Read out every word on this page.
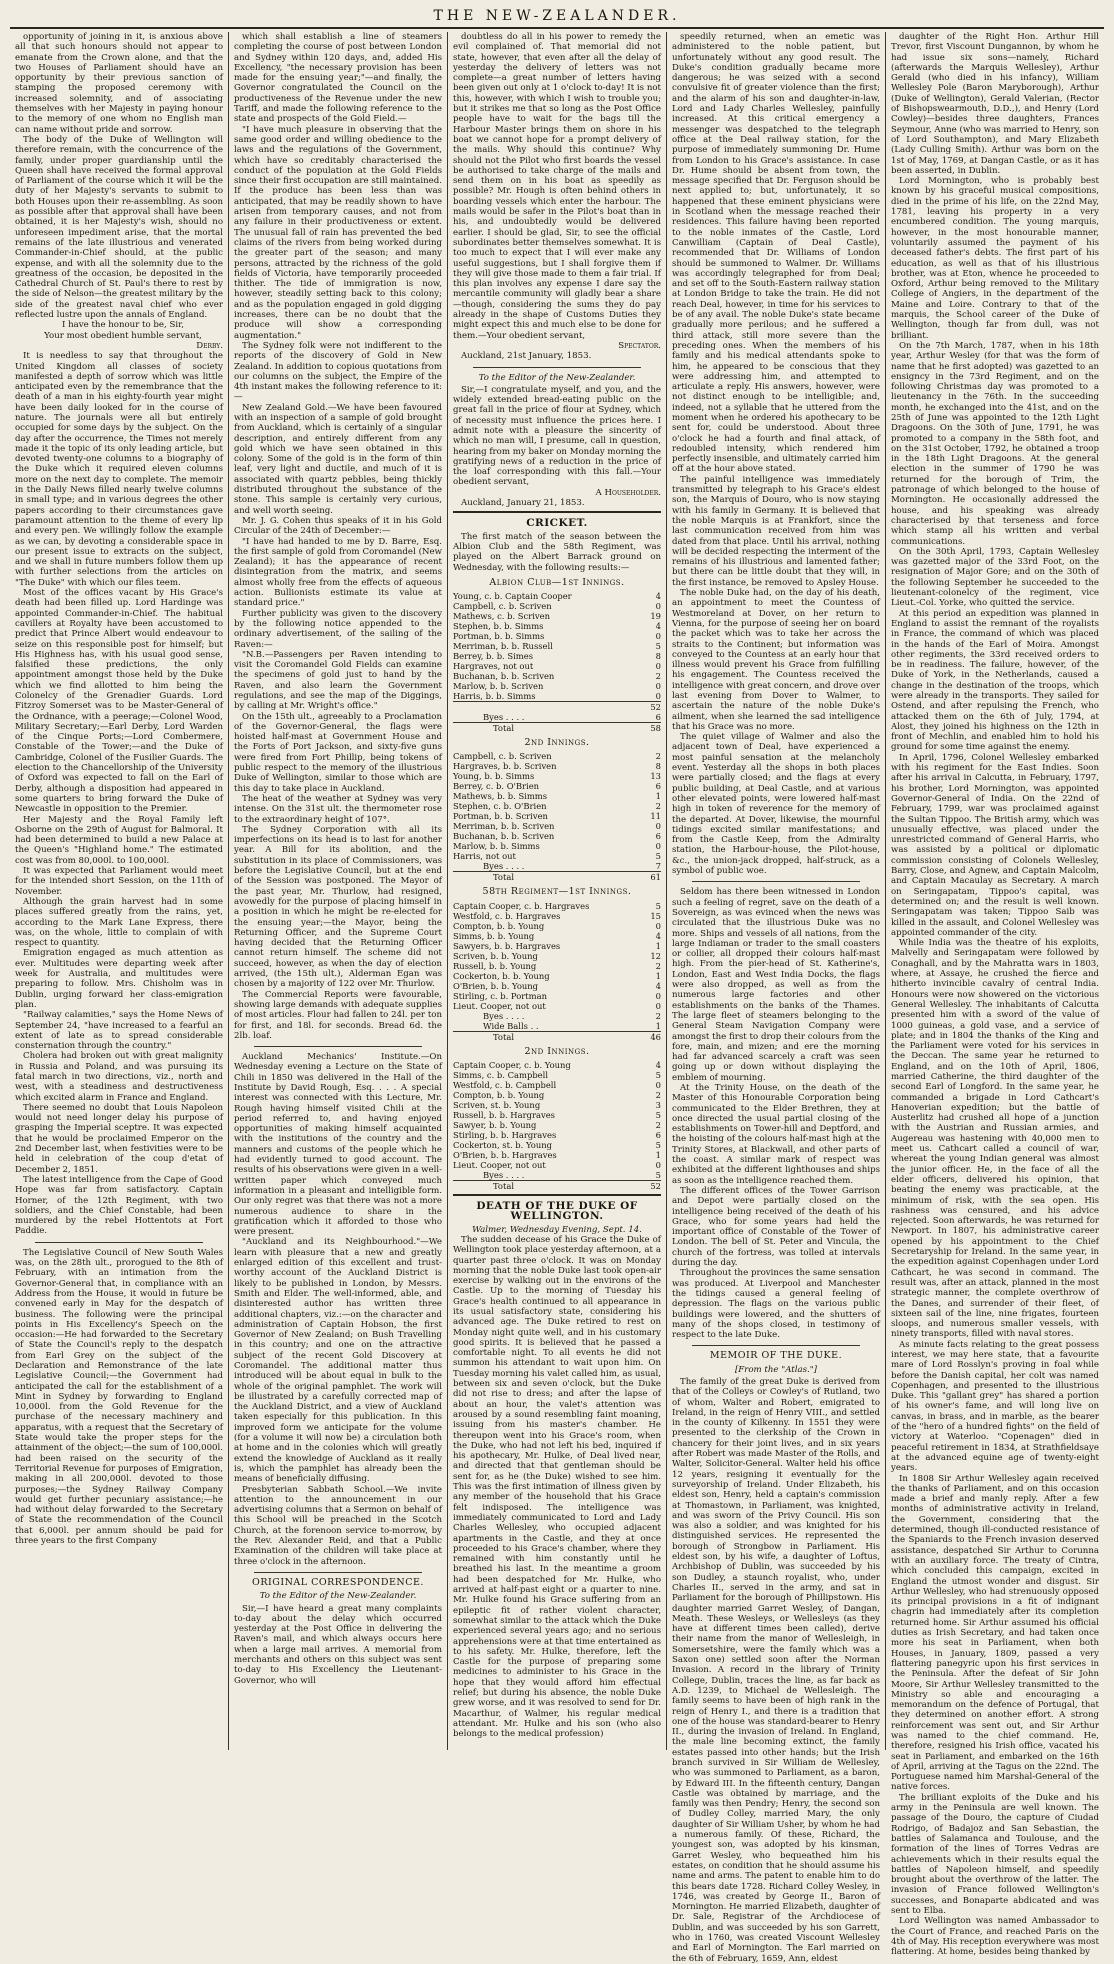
THE NEW-ZEALANDER.

opportunity of joining in it, is anxious above all that such honours should not appear to emanate from the Crown alone, and that the two Houses of Parliament should have an opportunity by their previous sanction of stamping the proposed ceremony with increased solemnity, and of associating themselves with her Majesty in paying honour to the memory of one whom no English man can name without pride and sorrow.

The body of the Duke of Wellington will therefore remain, with the concurrence of the family, under proper guardianship until the Queen shall have received the formal approval of Parliament of the course which it will be the duty of her Majesty's servants to submit to both Houses upon their re-assembling. As soon as possible after that approval shall have been obtained, it is her Majesty's wish, should no unforeseen impediment arise, that the mortal remains of the late illustrious and venerated Commander-in-Chief should, at the public expense, and with all the solemnity due to the greatness of the occasion, be deposited in the Cathedral Church of St. Paul's there to rest by the side of Nelson—the greatest military by the side of the greatest naval chief who ever reflected lustre upon the annals of England.

I have the honour to be, Sir,

Your most obedient humble servant,

Derby.

It is needless to say that throughout the United Kingdom all classes of society manifested a depth of sorrow which was little anticipated even by the remembrance that the death of a man in his eighty-fourth year might have been daily looked for in the course of nature. The journals were all but entirely occupied for some days by the subject. On the day after the occurrence, the Times not merely made it the topic of its only leading article, but devoted twenty-one columns to a biography of the Duke which it required eleven columns more on the next day to complete. The memoir in the Daily News filled nearly twelve columns in small type; and in various degrees the other papers according to their circumstances gave paramount attention to the theme of every lip and every pen. We willingly follow the example as we can, by devoting a considerable space in our present issue to extracts on the subject, and we shall in future numbers follow them up with further selections from the articles on "The Duke" with which our files teem.

Most of the offices vacant by His Grace's death had been filled up. Lord Hardinge was appointed Commander-in-Chief. The habitual cavillers at Royalty have been accustomed to predict that Prince Albert would endeavour to seize on this responsible post for himself; but His Highness has, with his usual good sense, falsified these predictions, the only appointment amongst those held by the Duke which we find allotted to him being the Colonelcy of the Grenadier Guards. Lord Fitzroy Somerset was to be Master-General of the Ordnance, with a peerage;—Colonel Wood, Military Secretary;—Earl Derby, Lord Warden of the Cinque Ports;—Lord Combermere, Constable of the Tower;—and the Duke of Cambridge, Colonel of the Fusilier Guards. The election to the Chancellorship of the University of Oxford was expected to fall on the Earl of Derby, although a disposition had appeared in some quarters to bring forward the Duke of Newcastle in opposition to the Premier.

Her Majesty and the Royal Family left Osborne on the 29th of August for Balmoral. It had been determined to build a new Palace at the Queen's "Highland home." The estimated cost was from 80,000l. to 100,000l.

It was expected that Parliament would meet for the intended short Session, on the 11th of November.

Although the grain harvest had in some places suffered greatly from the rains, yet, according to the Mark Lane Express, there was, on the whole, little to complain of with respect to quantity.

Emigration engaged as much attention as ever. Multitudes were departing week after week for Australia, and multitudes were preparing to follow. Mrs. Chisholm was in Dublin, urging forward her class-emigration plan.

"Railway calamities," says the Home News of September 24, "have increased to a fearful an extent of late as to spread considerable consternation through the country."

Cholera had broken out with great malignity in Russia and Poland, and was pursuing its fatal march in two directions, viz., north and west, with a steadiness and destructiveness which excited alarm in France and England.

There seemed no doubt that Louis Napoleon would not need longer delay his purpose of grasping the Imperial sceptre. It was expected that he would be proclaimed Emperor on the 2nd December last, when festivities were to be held in celebration of the coup d'etat of December 2, 1851.

The latest intelligence from the Cape of Good Hope was far from satisfactory. Captain Horner, of the 12th Regiment, with two soldiers, and the Chief Constable, had been murdered by the rebel Hottentots at Fort Paddie.

The Legislative Council of New South Wales was, on the 28th ult., prorogued to the 8th of February, with an intimation from the Governor-General that, in compliance with an Address from the House, it would in future be convened early in May for the despatch of business. The following were the principal points in His Excellency's Speech on the occasion:—He had forwarded to the Secretary of State the Council's reply to the despatch from Earl Grey on the subject of the Declaration and Remonstrance of the late Legislative Council;—the Government had anticipated the call for the establishment of a Mint in Sydney by forwarding to England 10,000l. from the Gold Revenue for the purchase of the necessary machinery and apparatus, with a request that the Secretary of State would take the proper steps for the attainment of the object;—the sum of 100,000l. had been raised on the security of the Territorial Revenue for purposes of Emigration, making in all 200,000l. devoted to those purposes;—the Sydney Railway Company would get further pecuniary assistance;—he had without delay forwarded to the Secretary of State the recommendation of the Council that 6,000l. per annum should be paid for three years to the first Company

which shall establish a line of steamers completing the course of post between London and Sydney within 120 days, and, added His Excellency, "the necessary provision has been made for the ensuing year;"—and finally, the Governor congratulated the Council on the productiveness of the Revenue under the new Tariff, and made the following reference to the state and prospects of the Gold Field.—

"I have much pleasure in observing that the same good order and willing obedience to the laws and the regulations of the Government, which have so creditably characterised the conduct of the population at the Gold Fields since their first occupation are still maintained. If the produce has been less than was anticipated, that may be readily shown to have arisen from temporary causes, and not from any failure in their productiveness or extent. The unusual fall of rain has prevented the bed claims of the rivers from being worked during the greater part of the season; and many persons, attracted by the richness of the gold fields of Victoria, have temporarily proceeded thither. The tide of immigration is now, however, steadily setting back to this colony; and as the population engaged in gold digging increases, there can be no doubt that the produce will show a corresponding augmentation."

The Sydney folk were not indifferent to the reports of the discovery of Gold in New Zealand. In addition to copious quotations from our columns on the subject, the Empire of the 4th instant makes the following reference to it:—

New Zealand Gold.—We have been favoured with an inspection of a sample of gold brought from Auckland, which is certainly of a singular description, and entirely different from any gold which we have seen obtained in this colony. Some of the gold is in the form of thin leaf, very light and ductile, and much of it is associated with quartz pebbles, being thickly distributed throughout the substance of the stone. This sample is certainly very curious, and well worth seeing.

Mr. J. G. Cohen thus speaks of it in his Gold Circular of the 24th of December:—

"I have had handed to me by D. Barre, Esq. the first sample of gold from Coromandel (New Zealand); it has the appearance of recent disintegration from the matrix, and seems almost wholly free from the effects of aqueous action. Bullionists estimate its value at standard price."

Further publicity was given to the discovery by the following notice appended to the ordinary advertisement, of the sailing of the Raven:—

"N.B.—Passengers per Raven intending to visit the Coromandel Gold Fields can examine the specimens of gold just to hand by the Raven, and also learn the Government regulations, and see the map of the Diggings, by calling at Mr. Wright's office."

On the 15th ult., agreeably to a Proclamation of the Governor-General, the flags were hoisted half-mast at Government House and the Forts of Port Jackson, and sixty-five guns were fired from Fort Phillip, being tokens of public respect to the memory of the illustrious Duke of Wellington, similar to those which are this day to take place in Auckland.

The heat of the weather at Sydney was very intense. On the 31st ult. the thermometer rose to the extraordinary height of 107°.

The Sydney Corporation with all its imperfections on its head is to last for another year. A Bill for its abolition, and the substitution in its place of Commissioners, was before the Legislative Council, but at the end of the Session was postponed. The Mayor of the past year, Mr. Thurlow, had resigned, avowedly for the purpose of placing himself in a position in which he might be re-elected for the ensuing year;—the Mayor, being the Returning Officer, and the Supreme Court having decided that the Returning Officer cannot return himself. The scheme did not succeed, however, as when the day of election arrived, (the 15th ult.), Alderman Egan was chosen by a majority of 122 over Mr. Thurlow.

The Commercial Reports were favourable, showing large demands with adequate supplies of most articles. Flour had fallen to 24l. per ton for first, and 18l. for seconds. Bread 6d. the 2lb. loaf.

Auckland Mechanics' Institute.—On Wednesday evening a Lecture on the State of Chili in 1850 was delivered in the Hall of the Institute by David Rough, Esq. . . . A special interest was connected with this Lecture, Mr. Rough having himself visited Chili at the period referred to, and having enjoyed opportunities of making himself acquainted with the institutions of the country and the manners and customs of the people which he had evidently turned to good account. The results of his observations were given in a well-written paper which conveyed much information in a pleasant and intelligible form. Our only regret was that there was not a more numerous audience to share in the gratification which it afforded to those who were present.

"Auckland and its Neighbourhood."—We learn with pleasure that a new and greatly enlarged edition of this excellent and trust-worthy account of the Auckland District is likely to be published in London, by Messrs. Smith and Elder. The well-informed, able, and disinterested author has written three additional chapters, viz.:—on the character and administration of Captain Hobson, the first Governor of New Zealand; on Bush Travelling in this country; and one on the attractive subject of the recent Gold Discovery at Coromandel. The additional matter thus introduced will be about equal in bulk to the whole of the original pamphlet. The work will be illustrated by a carefully corrected map of the Auckland District, and a view of Auckland taken especially for this publication. In this improved form we anticipate for the volume (for a volume it will now be) a circulation both at home and in the colonies which will greatly extend the knowledge of Auckland as it really is, which the pamphlet has already been the means of beneficially diffusing.

Presbyterian Sabbath School.—We invite attention to the announcement in our advertising columns that a Sermon on behalf of this School will be preached in the Scotch Church, at the forenoon service to-morrow, by the Rev. Alexander Reid, and that a Public Examination of the children will take place at three o'clock in the afternoon.

ORIGINAL CORRESPONDENCE.
To the Editor of the New-Zealander.

Sir,—I have heard a great many complaints to-day about the delay which occurred yesterday at the Post Office in delivering the Raven's mail, and which always occurs here when a large mail arrives. A memorial from merchants and others on this subject was sent to-day to His Excellency the Lieutenant-Governor, who will

doubtless do all in his power to remedy the evil complained of. That memorial did not state, however, that even after all the delay of yesterday the delivery of letters was not complete—a great number of letters having been given out only at 1 o'clock to-day! It is not this, however, with which I wish to trouble you; but it strikes me that so long as the Post Office people have to wait for the bags till the Harbour Master brings them on shore in his boat we cannot hope for a prompt delivery of the mails. Why should this continue? Why should not the Pilot who first boards the vessel be authorised to take charge of the mails and send them on in his boat as speedily as possible? Mr. Hough is often behind others in boarding vessels which enter the harbour. The mails would be safer in the Pilot's boat than in his, and undoubtedly would be delivered earlier. I should be glad, Sir, to see the official subordinates better themselves somewhat. It is too much to expect that I will ever make any useful suggestions, but I shall forgive them if they will give those made to them a fair trial. If this plan involves any expense I dare say the mercantile community will gladly bear a share—though, considering the sums they do pay already in the shape of Customs Duties they might expect this and much else to be done for them.—Your obedient servant,

Spectator.

Auckland, 21st January, 1853.

To the Editor of the New-Zealander.

Sir,—I congratulate myself, and you, and the widely extended bread-eating public on the great fall in the price of flour at Sydney, which of necessity must influence the prices here. I admit note with a pleasure the sincerity of which no man will, I presume, call in question, hearing from my baker on Monday morning the gratifying news of a reduction in the price of the loaf corresponding with this fall.—Your obedient servant,

A Householder.

Auckland, January 21, 1853.

CRICKET.

The first match of the season between the Albion Club and the 58th Regiment, was played on the Albert Barrack ground on Wednesday, with the following results:—

Albion Club—1st Innings.
Young, c. b. Captain Cooper	4
Campbell, c. b. Scriven	0
Mathews, c. b. Scriven	19
Stephen, b. b. Simms	4
Portman, b. b. Simms	0
Merriman, b. b. Russell	5
Berrey, b. b. Simes	8
Hargraves, not out	0
Buchanan, b. b. Scriven	2
Marlow, b. b. Scriven	0
Harris, b. b. Simms	0
	52
Byes . . . .	6
Total	58
2nd Innings.
Campbell, c. b. Scriven	2
Hargraves, b. b. Scriven	8
Young, b. b. Simms	13
Berrey, c. b. O'Brien	6
Mathews, b. b. Simms	1
Stephen, c. b. O'Brien	2
Portman, b. b. Scriven	11
Merriman, b. b. Scriven	0
Buchanan, b. b. Scriven	6
Marlow, b. b. Simms	0
Harris, not out	5
Byes . . . .	7
Total	61
58th Regiment—1st Innings.
Captain Cooper, c. b. Hargraves	5
Westfold, c. b. Hargraves	15
Compton, b. b. Young	0
Simms, b. b. Young	4
Sawyers, b. b. Hargraves	1
Scriven, b. b. Young	12
Russell, b. b. Young	2
Cockerton, b. b. Young	1
O'Brien, b. b. Young	4
Stirling, c. b. Portman	0
Lieut. Cooper, not out	0
Byes . . . .	2
Wide Balls . .	1
Total	46
2nd Innings.
Captain Cooper, c. b. Young	4
Simms, c. b. Campbell	5
Westfold, c. b. Campbell	0
Compton, b. b. Young	2
Scriven, st. b. Young	3
Russell, b. b. Hargraves	5
Sawyer, b. b. Young	2
Stirling, b. b. Hargraves	6
Cockerton, st. b. Young	5
O'Brien, b. b. Hargraves	1
Lieut. Cooper, not out	0
Byes . . . .	5
Total	52
DEATH OF THE DUKE OF WELLINGTON.
Walmer, Wednesday Evening, Sept. 14.

The sudden decease of his Grace the Duke of Wellington took place yesterday afternoon, at a quarter past three o'clock. It was on Monday morning that the noble Duke last took open-air exercise by walking out in the environs of the Castle. Up to the morning of Tuesday his Grace's health continued to all appearance in its usual satisfactory state, considering his advanced age. The Duke retired to rest on Monday night quite well, and in his customary good spirits. It is believed that he passed a comfortable night. To all events he did not summon his attendant to wait upon him. On Tuesday morning his valet called him, as usual, between six and seven o'clock, but the Duke did not rise to dress; and after the lapse of about an hour, the valet's attention was aroused by a sound resembling faint moaning, issuing from his master's chamber. He thereupon went into his Grace's room, when the Duke, who had not left his bed, inquired if his apothecary, Mr. Hulke, of Deal lived near, and directed that that gentleman should be sent for, as he (the Duke) wished to see him. This was the first intimation of illness given by any member of the household that his Grace felt indisposed. The intelligence was immediately communicated to Lord and Lady Charles Wellesley, who occupied adjacent apartments in the Castle, and they at once proceeded to his Grace's chamber, where they remained with him constantly until he breathed his last. In the meantime a groom had been despatched for Mr. Hulke, who arrived at half-past eight or a quarter to nine. Mr. Hulke found his Grace suffering from an epileptic fit of rather violent character, somewhat similar to the attack which the Duke experienced several years ago; and no serious apprehensions were at that time entertained as to his safety. Mr. Hulke, therefore, left the Castle for the purpose of preparing some medicines to administer to his Grace in the hope that they would afford him effectual relief; but during his absence, the noble Duke grew worse, and it was resolved to send for Dr. Macarthur, of Walmer, his regular medical attendant. Mr. Hulke and his son (who also belongs to the medical profession)

speedily returned, when an emetic was administered to the noble patient, but unfortunately without any good result. The Duke's condition gradually became more dangerous; he was seized with a second convulsive fit of greater violence than the first; and the alarm of his son and daughter-in-law, Lord and Lady Charles Wellesley, painfully increased. At this critical emergency a messenger was despatched to the telegraph office at the Deal railway station, for the purpose of immediately summoning Dr. Hume from London to his Grace's assistance. In case Dr. Hume should be absent from town, the message specified that Dr. Ferguson should be next applied to; but, unfortunately, it so happened that these eminent physicians were in Scotland when the message reached their residences. This failure having been reported to the noble inmates of the Castle, Lord Canwilliam (Captain of Deal Castle), recommended that Dr. Williams of London should be summoned to Walmer. Dr. Williams was accordingly telegraphed for from Deal; and set off to the South-Eastern railway station at London Bridge to take the train. He did not reach Deal, however, in time for his services to be of any avail. The noble Duke's state became gradually more perilous; and he suffered a third attack, still more severe than the preceding ones. When the members of his family and his medical attendants spoke to him, he appeared to be conscious that they were addressing him, and attempted to articulate a reply. His answers, however, were not distinct enough to be intelligible; and, indeed, not a syllable that he uttered from the moment when he ordered his apothecary to be sent for, could be understood. About three o'clock he had a fourth and final attack, of redoubled intensity, which rendered him perfectly insensible, and ultimately carried him off at the hour above stated.

The painful intelligence was immediately transmitted by telegraph to his Grace's eldest son, the Marquis of Douro, who is now staying with his family in Germany. It is believed that the noble Marquis is at Frankfort, since the last communication received from him was dated from that place. Until his arrival, nothing will be decided respecting the interment of the remains of his illustrious and lamented father; but there can be little doubt that they will, in the first instance, be removed to Apsley House.

The noble Duke had, on the day of his death, an appointment to meet the Countess of Westmoreland at Dover, on her return to Vienna, for the purpose of seeing her on board the packet which was to take her across the straits to the Continent; but information was conveyed to the Countess at an early hour that illness would prevent his Grace from fulfilling his engagement. The Countess received the intelligence with great concern, and drove over last evening from Dover to Walmer, to ascertain the nature of the noble Duke's ailment, when she learned the sad intelligence that his Grace was no more.

The quiet village of Walmer and also the adjacent town of Deal, have experienced a most painful sensation at the melancholy event. Yesterday all the shops in both places were partially closed; and the flags at every public building, at Deal Castle, and at various other elevated points, were lowered half-mast high in token of reverence for the memory of the departed. At Dover, likewise, the mournful tidings excited similar manifestations; and from the Castle Keep, from the Admiralty station, the Harbour-house, the Pilot-house, &c., the union-jack dropped, half-struck, as a symbol of public woe.

Seldom has there been witnessed in London such a feeling of regret, save on the death of a Sovereign, as was evinced when the news was circulated that the illustrious Duke was no more. Ships and vessels of all nations, from the large Indiaman or trader to the small coasters or collier, all dropped their colours half-mast high. From the pier-head of St. Katherine's, London, East and West India Docks, the flags were also dropped, as well as from the numerous large factories and other establishments on the banks of the Thames. The large fleet of steamers belonging to the General Steam Navigation Company were amongst the first to drop their colours from the fore, main, and mizen; and ere the morning had far advanced scarcely a craft was seen going up or down without displaying the emblem of mourning.

At the Trinity House, on the death of the Master of this Honourable Corporation being communicated to the Elder Brethren, they at once directed the usual partial closing of the establishments on Tower-hill and Deptford, and the hoisting of the colours half-mast high at the Trinity Stores, at Blackwall, and other parts of the coast. A similar mark of respect was exhibited at the different lighthouses and ships as soon as the intelligence reached them.

The different offices of the Tower Garrison and Depot were partially closed on the intelligence being received of the death of his Grace, who for some years had held the important office of Constable of the Tower of London. The bell of St. Peter and Vincula, the church of the fortress, was tolled at intervals during the day.

Throughout the provinces the same sensation was produced. At Liverpool and Manchester the tidings caused a general feeling of depression. The flags on the various public buildings were lowered, and the shutters of many of the shops closed, in testimony of respect to the late Duke.

MEMOIR OF THE DUKE.
[From the "Atlas."]

The family of the great Duke is derived from that of the Colleys or Cowley's of Rutland, two of whom, Walter and Robert, emigrated to Ireland, in the reign of Henry VIII., and settled in the county of Kilkenny. In 1551 they were presented to the clerkship of the Crown in chancery for their joint lives, and in six years after Robert was made Master of the Rolls, and Walter, Solicitor-General. Walter held his office 12 years, resigning it eventually for the surveyorship of Ireland. Under Elizabeth, his eldest son, Henry, held a captain's commission at Thomastown, in Parliament, was knighted, and was sworn of the Privy Council. His son was also a soldier, and was knighted for his distinguished services. He represented the borough of Strongbow in Parliament. His eldest son, by his wife, a daughter of Loftus, Archbishop of Dublin, was succeeded by his son Dudley, a staunch royalist, who, under Charles II., served in the army, and sat in Parliament for the borough of Phillipstown. His daughter married Garret Wesley, of Dangan, Meath. These Wesleys, or Wellesleys (as they have at different times been called), derive their name from the manor of Wellesleigh, in Somersetshire, were the family which was a Saxon one) settled soon after the Norman Invasion. A record in the library of Trinity College, Dublin, traces the line, as far back as A.D. 1239, to Michael de Wellesleigh. The family seems to have been of high rank in the reign of Henry I., and there is a tradition that one of the house was standard-bearer to Henry II., during the invasion of Ireland. In England, the male line becoming extinct, the family estates passed into other hands; but the Irish branch survived in Sir William de Wellesley, who was summoned to Parliament, as a baron, by Edward III. In the fifteenth century, Dangan Castle was obtained by marriage, and the family was then Pendry; Henry, the second son of Dudley Colley, married Mary, the only daughter of Sir William Usher, by whom he had a numerous family. Of these, Richard, the youngest son, was adopted by his kinsman, Garret Wesley, who bequeathed him his estates, on condition that he should assume his name and arms. The patent to enable him to do this bears date 1728. Richard Colley Wesley, in 1746, was created by George II., Baron of Mornington. He married Elizabeth, daughter of Dr. Sale, Registrar of the Archdiocese of Dublin, and was succeeded by his son Garrett, who in 1760, was created Viscount Wellesley and Earl of Mornington. The Earl married on the 6th of February, 1659, Ann, eldest

daughter of the Right Hon. Arthur Hill Trevor, first Viscount Dungannon, by whom he had issue six sons—namely, Richard (afterwards the Marquis Wellesley), Arthur Gerald (who died in his infancy), William Wellesley Pole (Baron Maryborough), Arthur (Duke of Wellington), Gerald Valerian, (Rector of Bishopswearmouth, D.D.,), and Henry (Lord Cowley)—besides three daughters, Frances Seymour, Anne (who was married to Henry, son of Lord Southampton), and Mary Elizabeth (Lady Culling Smith). Arthur was born on the 1st of May, 1769, at Dangan Castle, or as it has been asserted, in Dublin.

Lord Mornington, who is probably best known by his graceful musical compositions, died in the prime of his life, on the 22nd May, 1781, leaving his property in a very encumbered condition. The young marquis, however, in the most honourable manner, voluntarily assumed the payment of his deceased father's debts. The first part of his education, as well as that of his illustrious brother, was at Eton, whence he proceeded to Oxford, Arthur being removed to the Military College of Angiers, in the department of the Maine and Loire. Contrary to that of the marquis, the School career of the Duke of Wellington, though far from dull, was not brilliant.

On the 7th March, 1787, when in his 18th year, Arthur Wesley (for that was the form of name that he first adopted) was gazetted to an ensigncy in the 73rd Regiment, and on the following Christmas day was promoted to a lieutenancy in the 76th. In the succeeding month, he exchanged into the 41st, and on the 25th of June was appointed to the 12th Light Dragoons. On the 30th of June, 1791, he was promoted to a company in the 58th foot, and on the 31st October, 1792, he obtained a troop in the 18th Light Dragoons. At the general election in the summer of 1790 he was returned for the borough of Trim, the patronage of which belonged to the house of Mornington. He occasionally addressed the house, and his speaking was already characterised by that terseness and force which stamp all his written and verbal communications.

On the 30th April, 1793, Captain Wellesley was gazetted major of the 33rd Foot, on the resignation of Major Gore; and on the 30th of the following September he succeeded to the lieutenant-colonelcy of the regiment, vice Lieut.-Col. Yorke, who quitted the service.

At this period an expedition was planned in England to assist the remnant of the royalists in France, the command of which was placed in the hands of the Earl of Moira. Amongst other regiments, the 33rd received orders to be in readiness. The failure, however, of the Duke of York, in the Netherlands, caused a change in the destination of the troops, which were already in the transports. They sailed for Ostend, and after repulsing the French, who attacked them on the 6th of July, 1794, at Alost, they joined his highness on the 12th in front of Mechlin, and enabled him to hold his ground for some time against the enemy.

In April, 1796, Colonel Wellesley embarked with his regiment for the East Indies. Soon after his arrival in Calcutta, in February, 1797, his brother, Lord Mornington, was appointed Governor-General of India. On the 22nd of February, 1799, war was proclaimed against the Sultan Tippoo. The British army, which was unusually effective, was placed under the unrestricted command of General Harris, who was assisted by a political or diplomatic commission consisting of Colonels Wellesley, Barry, Close, and Agnew, and Captain Malcolm, and Captain Macaulay as Secretary. A march on Seringapatam, Tippoo's capital, was determined on; and the result is well known. Seringapatam was taken; Tippoo Saib was killed in the assault, and Colonel Wellesley was appointed commander of the city.

While India was the theatre of his exploits, Malvelly and Seringapatam were followed by Conaghall, and by the Mahratta wars in 1803, where, at Assaye, he crushed the fierce and hitherto invincible cavalry of central India. Honours were now showered on the victorious General Wellesley. The inhabitants of Calcutta presented him with a sword of the value of 1000 guineas, a gold vase, and a service of plate; and in 1804 the thanks of the King and the Parliament were voted for his services in the Deccan. The same year he returned to England, and on the 10th of April, 1806, married Catherine, the third daughter of the second Earl of Longford. In the same year, he commanded a brigade in Lord Cathcart's Hanoverian expedition; but the battle of Austerlitz had crushed all hope of a junction with the Austrian and Russian armies, and Augereau was hastening with 40,000 men to meet us. Cathcart called a council of war, whereat the young Indian general was almost the junior officer. He, in the face of all the elder officers, delivered his opinion, that beating the enemy was practicable, at the minimum of risk, with the sea open. His rashness was censured, and his advice rejected. Soon afterwards, he was returned for Newport. In 1807, his administrative career opened by his appointment to the Chief Secretaryship for Ireland. In the same year, in the expedition against Copenhagen under Lord Cathcart, he was second in command. The result was, after an attack, planned in the most strategic manner, the complete overthrow of the Danes, and surrender of their fleet, of sixteen sail of the line, nine frigates, fourteen sloops, and numerous smaller vessels, with ninety transports, filled with naval stores.

As minute facts relating to the great possess interest, we may here state, that a favourite mare of Lord Rosslyn's proving in foal while before the Danish capital, her colt was named Copenhagen, and presented to the illustrious Duke. This "gallant grey" has shared a portion of his owner's fame, and will long live on canvas, in brass, and in marble, as the bearer of the "hero of a hundred fights" on the field of victory at Waterloo. "Copenagen" died in peaceful retirement in 1834, at Strathfieldsaye at the advanced equine age of twenty-eight years.

In 1808 Sir Arthur Wellesley again received the thanks of Parliament, and on this occasion made a brief and manly reply. After a few months of administrative activity in Ireland, the Government, considering that the determined, though ill-conducted resistance of the Spaniards to the French invasion deserved assistance, despatched Sir Arthur to Corunna with an auxiliary force. The treaty of Cintra, which concluded this campaign, excited in England the utmost wonder and disgust. Sir Arthur Wellesley, who had strenuously opposed its principal provisions in a fit of indignant chagrin had immediately after its completion returned home. Sir Arthur assumed his official duties as Irish Secretary, and had taken once more his seat in Parliament, when both Houses, in January, 1809, passed a very flattering panegyric upon his first services in the Peninsula. After the defeat of Sir John Moore, Sir Arthur Wellesley transmitted to the Ministry so able and encouraging a memorandum on the defence of Portugal, that they determined on another effort. A strong reinforcement was sent out, and Sir Arthur was named to the chief command. He, therefore, resigned his Irish office, vacated his seat in Parliament, and embarked on the 16th of April, arriving at the Tagus on the 22nd. The Portuguese named him Marshal-General of the native forces.

The brilliant exploits of the Duke and his army in the Peninsula are well known. The passage of the Douro, the capture of Ciudad Rodrigo, of Badajoz and San Sebastian, the battles of Salamanca and Toulouse, and the formation of the lines of Torres Vedras are achievements which in their results equal the battles of Napoleon himself, and speedily brought about the overthrow of the latter. The invasion of France followed Wellington's successes, and Bonaparte abdicated and was sent to Elba.

Lord Wellington was named Ambassador to the Court of France, and reached Paris on the 4th of May. His reception everywhere was most flattering. At home, besides being thanked by
